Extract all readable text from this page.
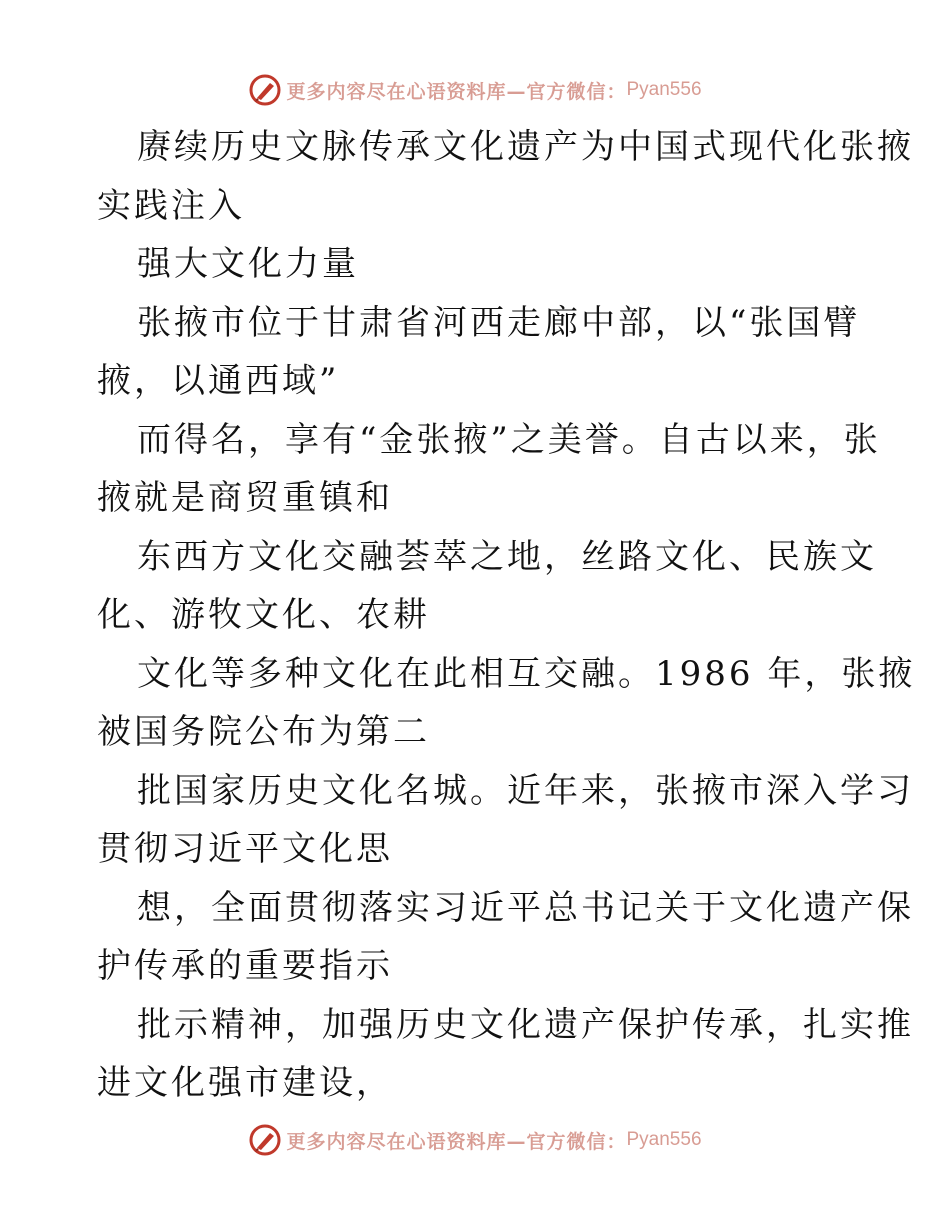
更多内容尽在心语资料库—官方微信： Pyan556
赓续历史文脉传承文化遗产为中国式现代化张掖
实践注入
强大文化力量
张掖市位于甘肃省河西走廊中部，以“张国臂
掖，以通西域”
而得名，享有“金张掖”之美誉。自古以来，张
掖就是商贸重镇和
东西方文化交融荟萃之地，丝路文化、民族文
化、游牧文化、农耕
文化等多种文化在此相互交融。1986 年，张掖
被国务院公布为第二
批国家历史文化名城。近年来，张掖市深入学习
贯彻习近平文化思
想，全面贯彻落实习近平总书记关于文化遗产保
护传承的重要指示
批示精神，加强历史文化遗产保护传承，扎实推
进文化强市建设，
更多内容尽在心语资料库—官方微信： Pyan556
